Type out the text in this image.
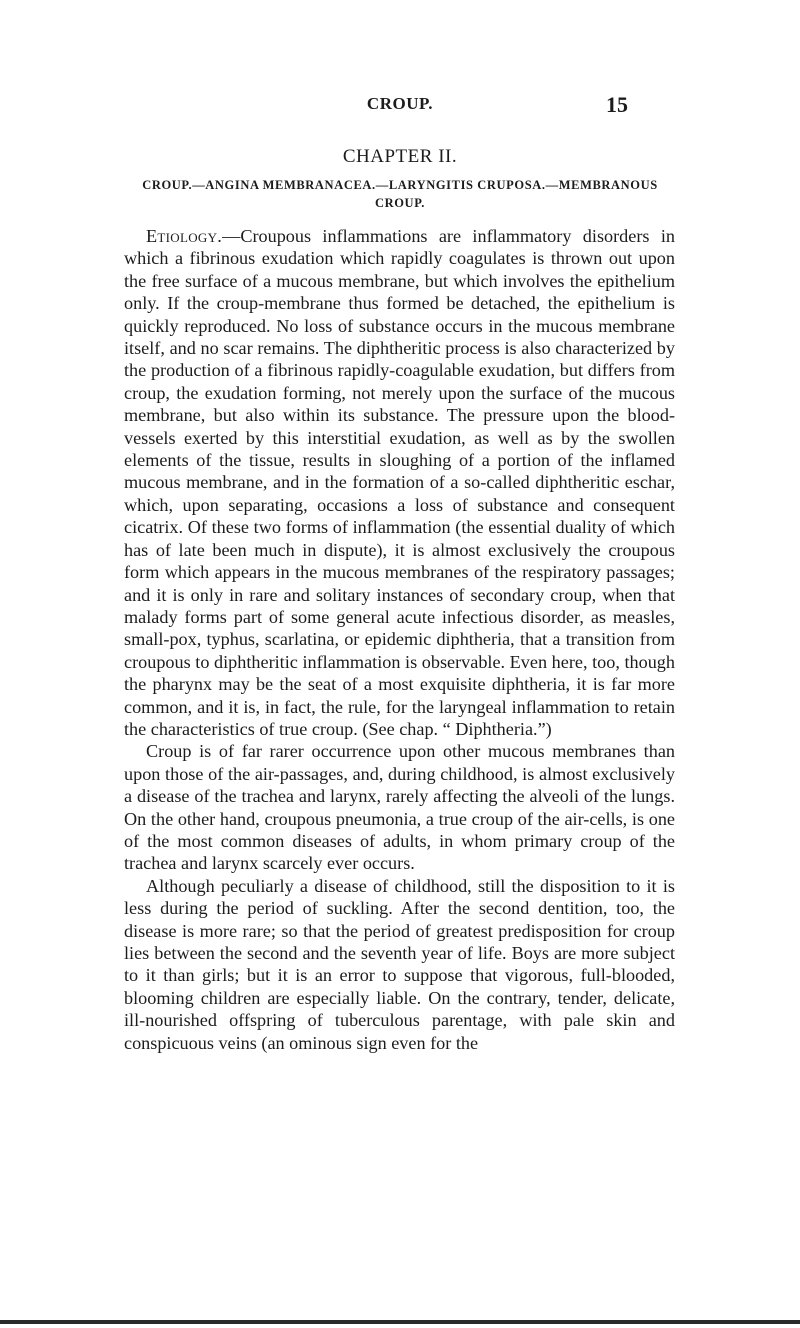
CROUP.	15
CHAPTER II.
CROUP.—ANGINA MEMBRANACEA.—LARYNGITIS CRUPOSA.—MEMBRANOUS CROUP.

Etiology.—Croupous inflammations are inflammatory disorders in which a fibrinous exudation which rapidly coagulates is thrown out upon the free surface of a mucous membrane, but which involves the epithelium only. If the croup-membrane thus formed be detached, the epithelium is quickly reproduced. No loss of substance occurs in the mucous membrane itself, and no scar remains. The diphtheritic process is also characterized by the production of a fibrinous rapidly-coagulable exudation, but differs from croup, the exudation forming, not merely upon the surface of the mucous membrane, but also within its substance. The pressure upon the blood-vessels exerted by this interstitial exudation, as well as by the swollen elements of the tissue, results in sloughing of a portion of the inflamed mucous membrane, and in the formation of a so-called diphtheritic eschar, which, upon separating, occasions a loss of substance and consequent cicatrix. Of these two forms of inflammation (the essential duality of which has of late been much in dispute), it is almost exclusively the croupous form which appears in the mucous membranes of the respiratory passages; and it is only in rare and solitary instances of secondary croup, when that malady forms part of some general acute infectious disorder, as measles, small-pox, typhus, scarlatina, or epidemic diphtheria, that a transition from croupous to diphtheritic inflammation is observable. Even here, too, though the pharynx may be the seat of a most exquisite diphtheria, it is far more common, and it is, in fact, the rule, for the laryngeal inflammation to retain the characteristics of true croup. (See chap. “ Diphtheria.”)

Croup is of far rarer occurrence upon other mucous membranes than upon those of the air-passages, and, during childhood, is almost exclusively a disease of the trachea and larynx, rarely affecting the alveoli of the lungs. On the other hand, croupous pneumonia, a true croup of the air-cells, is one of the most common diseases of adults, in whom primary croup of the trachea and larynx scarcely ever occurs.

Although peculiarly a disease of childhood, still the disposition to it is less during the period of suckling. After the second dentition, too, the disease is more rare; so that the period of greatest predisposition for croup lies between the second and the seventh year of life. Boys are more subject to it than girls; but it is an error to suppose that vigorous, full-blooded, blooming children are especially liable. On the contrary, tender, delicate, ill-nourished offspring of tuberculous parentage, with pale skin and conspicuous veins (an ominous sign even for the
